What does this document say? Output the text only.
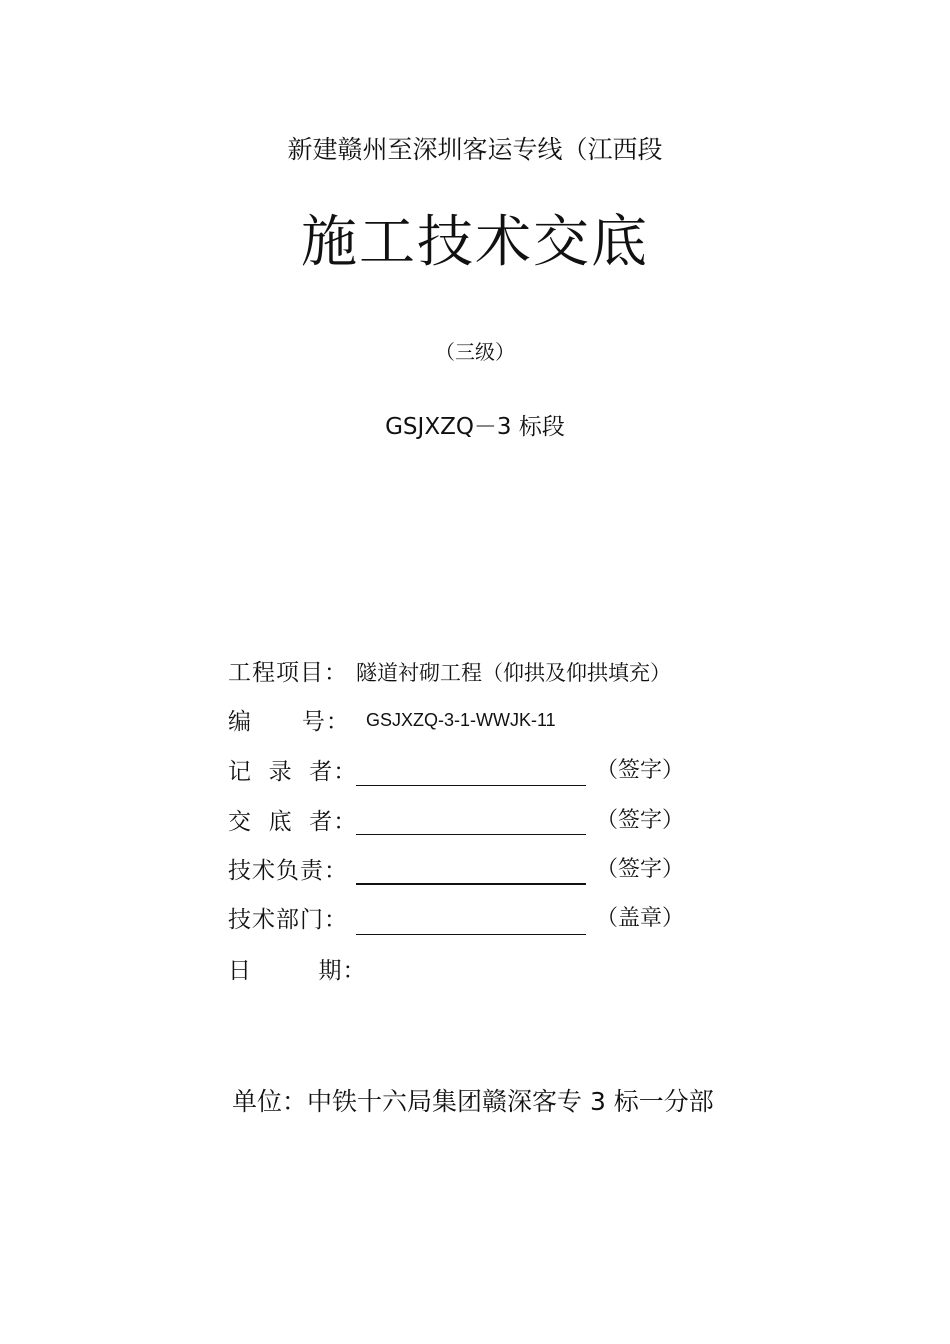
新建赣州至深圳客运专线（江西段
施工技术交底
（三级）
GSJXZQ－3 标段
工程项目： 隧道衬砌工程（仰拱及仰拱填充）
编      号： GSJXZQ-3-1-WWJK-11
记  录  者：	（签字）
交  底  者：	（签字）
技术负责：	（签字）
技术部门：	（盖章）
日        期：
单位：中铁十六局集团赣深客专 3 标一分部
